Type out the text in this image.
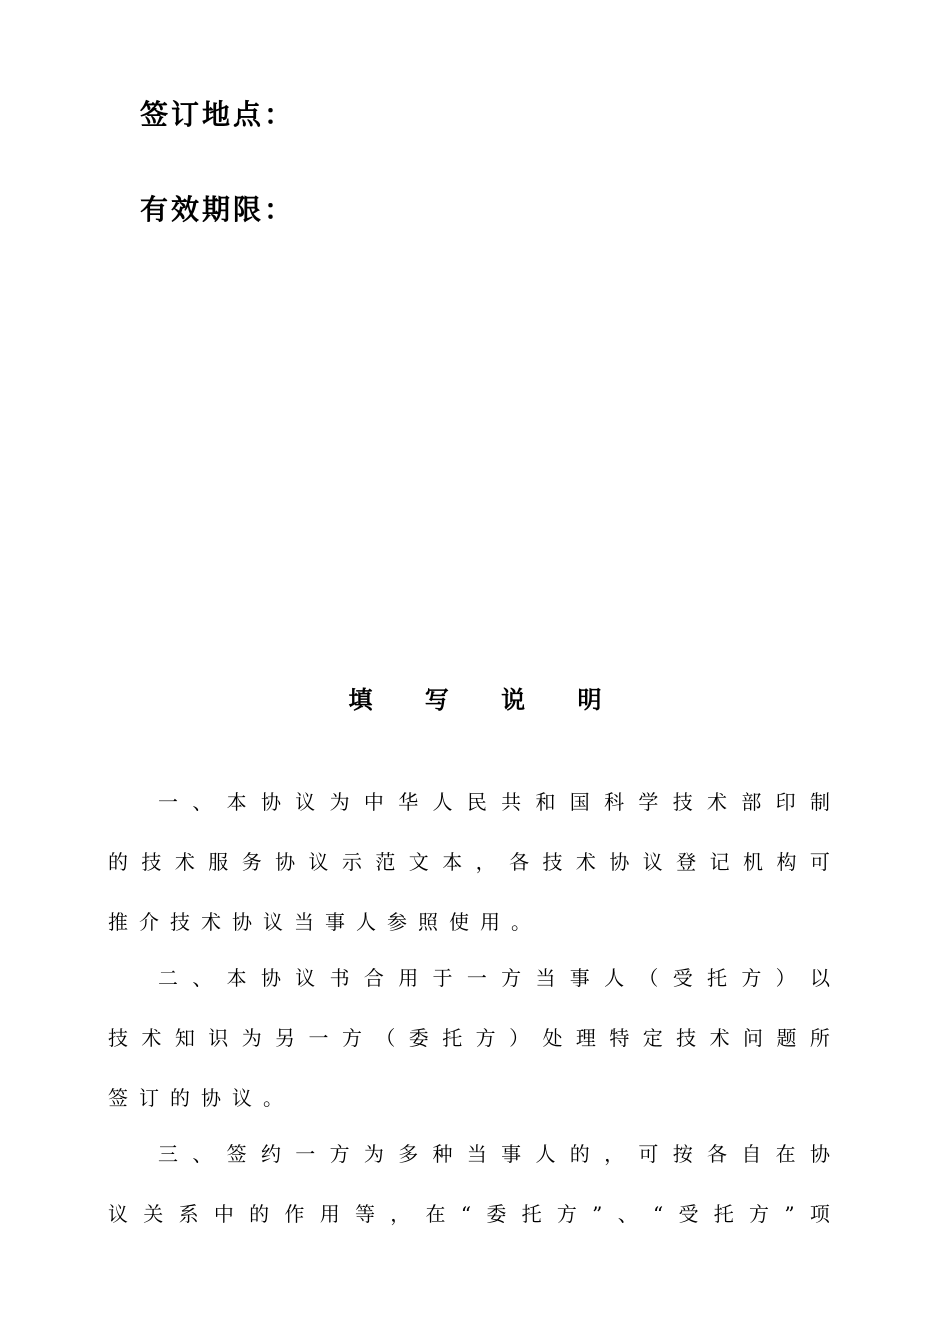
签订地点：
有效期限：
填 写 说 明
一 、 本 协 议 为 中 华 人 民 共 和 国 科 学 技 术 部 印 制
的 技 术 服 务 协 议 示 范 文 本 ， 各 技 术 协 议 登 记 机 构 可
推 介 技 术 协 议 当 事 人 参 照 使 用 。
二 、 本 协 议 书 合 用 于 一 方 当 事 人 （ 受 托 方 ） 以
技 术 知 识 为 另 一 方 （ 委 托 方 ） 处 理 特 定 技 术 问 题 所
签 订 的 协 议 。
三 、 签 约 一 方 为 多 种 当 事 人 的 ， 可 按 各 自 在 协
议 关 系 中 的 作 用 等 ， 在 “ 委 托 方 ” 、 “ 受 托 方 ” 项
